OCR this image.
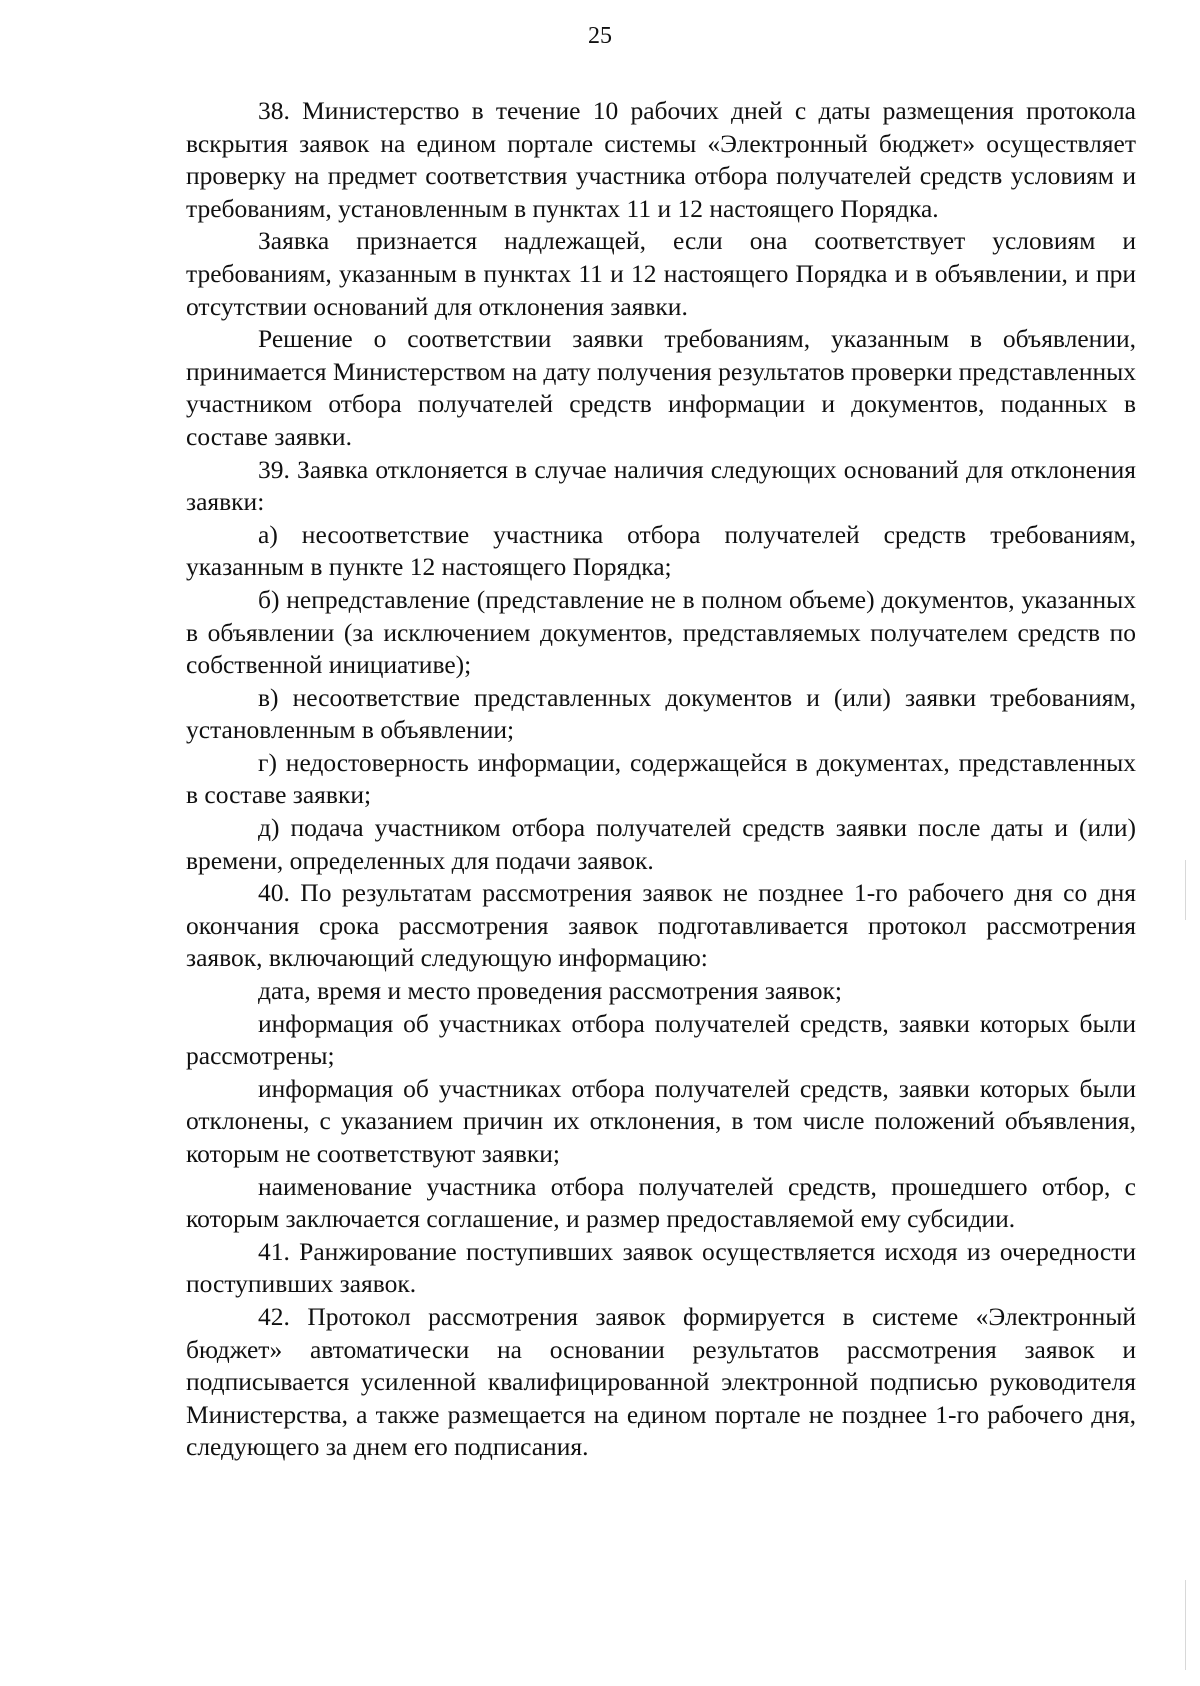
25

38. Министерство в течение 10 рабочих дней с даты размещения протокола вскрытия заявок на едином портале системы «Электронный бюджет» осуществляет проверку на предмет соответствия участника отбора получателей средств условиям и требованиям, установленным в пунктах 11 и 12 настоящего Порядка.

Заявка признается надлежащей, если она соответствует условиям и требованиям, указанным в пунктах 11 и 12 настоящего Порядка и в объявлении, и при отсутствии оснований для отклонения заявки.

Решение о соответствии заявки требованиям, указанным в объявлении, принимается Министерством на дату получения результатов проверки представленных участником отбора получателей средств информации и документов, поданных в составе заявки.

39. Заявка отклоняется в случае наличия следующих оснований для отклонения заявки:

а) несоответствие участника отбора получателей средств требованиям, указанным в пункте 12 настоящего Порядка;

б) непредставление (представление не в полном объеме) документов, указанных в объявлении (за исключением документов, представляемых получателем средств по собственной инициативе);

в) несоответствие представленных документов и (или) заявки требованиям, установленным в объявлении;

г) недостоверность информации, содержащейся в документах, представленных в составе заявки;

д) подача участником отбора получателей средств заявки после даты и (или) времени, определенных для подачи заявок.

40. По результатам рассмотрения заявок не позднее 1-го рабочего дня со дня окончания срока рассмотрения заявок подготавливается протокол рассмотрения заявок, включающий следующую информацию:

дата, время и место проведения рассмотрения заявок;

информация об участниках отбора получателей средств, заявки которых были рассмотрены;

информация об участниках отбора получателей средств, заявки которых были отклонены, с указанием причин их отклонения, в том числе положений объявления, которым не соответствуют заявки;

наименование участника отбора получателей средств, прошедшего отбор, с которым заключается соглашение, и размер предоставляемой ему субсидии.

41. Ранжирование поступивших заявок осуществляется исходя из очередности поступивших заявок.

42. Протокол рассмотрения заявок формируется в системе «Электронный бюджет» автоматически на основании результатов рассмотрения заявок и подписывается усиленной квалифицированной электронной подписью руководителя Министерства, а также размещается на едином портале не позднее 1-го рабочего дня, следующего за днем его подписания.
